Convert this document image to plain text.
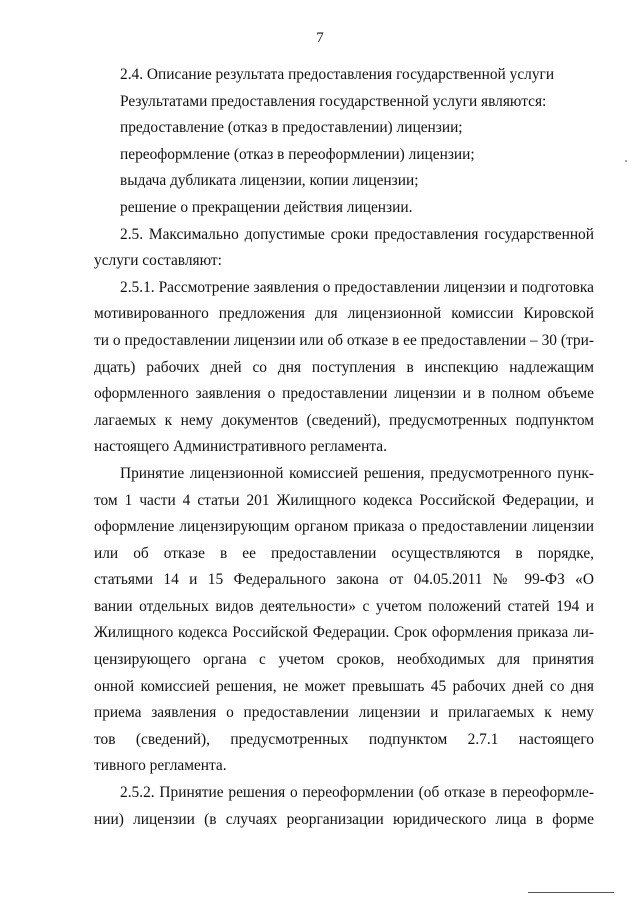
7
2.4. Описание результата предоставления государственной услуги
Результатами предоставления государственной услуги являются:
предоставление (отказ в предоставлении) лицензии;
переоформление (отказ в переоформлении) лицензии;
выдача дубликата лицензии, копии лицензии;
решение о прекращении действия лицензии.
2.5. Максимально допустимые сроки предоставления государственной
услуги составляют:
2.5.1. Рассмотрение заявления о предоставлении лицензии и подготовка
мотивированного предложения для лицензионной комиссии Кировской
ти о предоставлении лицензии или об отказе в ее предоставлении – 30 (три-
дцать) рабочих дней со дня поступления в инспекцию надлежащим
оформленного заявления о предоставлении лицензии и в полном объеме
лагаемых к нему документов (сведений), предусмотренных подпунктом
настоящего Административного регламента.
Принятие лицензионной комиссией решения, предусмотренного пунк-
том 1 части 4 статьи 201 Жилищного кодекса Российской Федерации, и
оформление лицензирующим органом приказа о предоставлении лицензии
или об отказе в ее предоставлении осуществляются в порядке,
статьями 14 и 15 Федерального закона от 04.05.2011 № 99-ФЗ «О
вании отдельных видов деятельности» с учетом положений статей 194 и
Жилищного кодекса Российской Федерации. Срок оформления приказа ли-
цензирующего органа с учетом сроков, необходимых для принятия
онной комиссией решения, не может превышать 45 рабочих дней со дня
приема заявления о предоставлении лицензии и прилагаемых к нему
тов (сведений), предусмотренных подпунктом 2.7.1 настоящего
тивного регламента.
2.5.2. Принятие решения о переоформлении (об отказе в переоформле-
нии) лицензии (в случаях реорганизации юридического лица в форме
